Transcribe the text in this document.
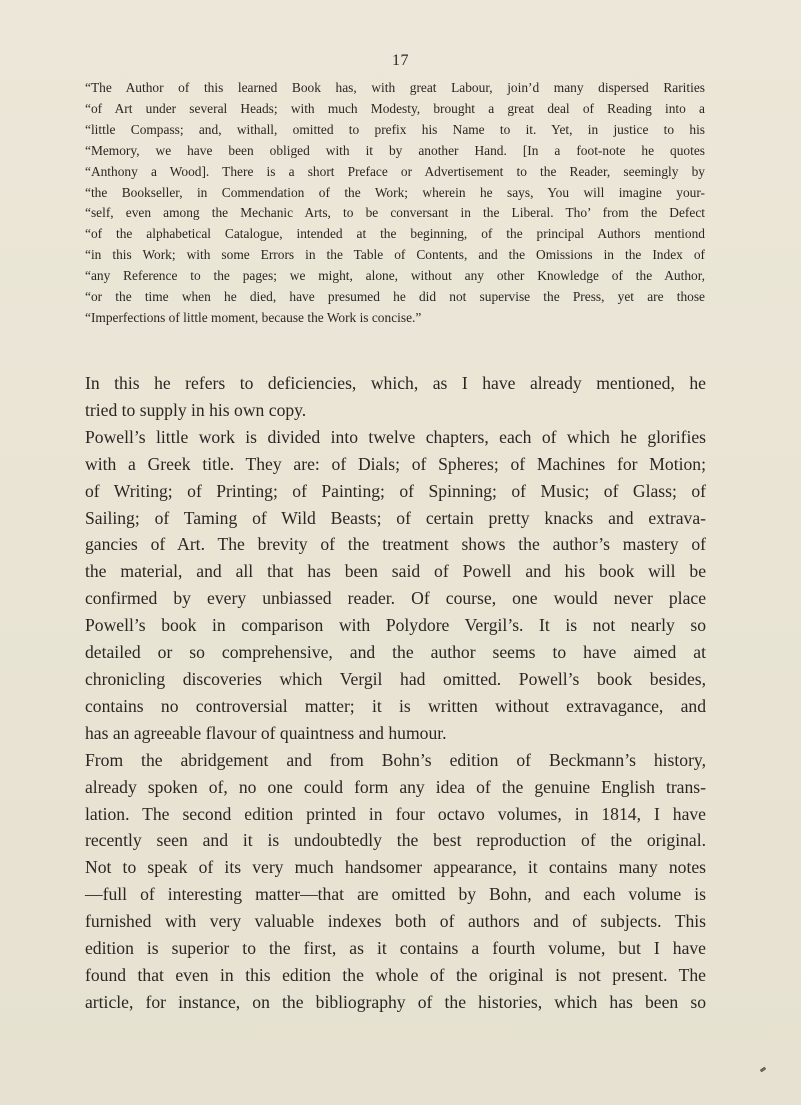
17
“The Author of this learned Book has, with great Labour, join’d many dispersed Rarities
“of Art under several Heads; with much Modesty, brought a great deal of Reading into a
“little Compass; and, withall, omitted to prefix his Name to it. Yet, in justice to his
“Memory, we have been obliged with it by another Hand. [In a foot-note he quotes
“Anthony a Wood]. There is a short Preface or Advertisement to the Reader, seemingly by
“the Bookseller, in Commendation of the Work; wherein he says, You will imagine your-
“self, even among the Mechanic Arts, to be conversant in the Liberal. Tho’ from the Defect
“of the alphabetical Catalogue, intended at the beginning, of the principal Authors mentiond
“in this Work; with some Errors in the Table of Contents, and the Omissions in the Index of
“any Reference to the pages; we might, alone, without any other Knowledge of the Author,
“or the time when he died, have presumed he did not supervise the Press, yet are those
“Imperfections of little moment, because the Work is concise.”
In this he refers to deficiencies, which, as I have already mentioned, he
tried to supply in his own copy.
Powell’s little work is divided into twelve chapters, each of which he glorifies
with a Greek title. They are: of Dials; of Spheres; of Machines for Motion;
of Writing; of Printing; of Painting; of Spinning; of Music; of Glass; of
Sailing; of Taming of Wild Beasts; of certain pretty knacks and extrava-
gancies of Art. The brevity of the treatment shows the author’s mastery of
the material, and all that has been said of Powell and his book will be
confirmed by every unbiassed reader. Of course, one would never place
Powell’s book in comparison with Polydore Vergil’s. It is not nearly so
detailed or so comprehensive, and the author seems to have aimed at
chronicling discoveries which Vergil had omitted. Powell’s book besides,
contains no controversial matter; it is written without extravagance, and
has an agreeable flavour of quaintness and humour.
From the abridgement and from Bohn’s edition of Beckmann’s history,
already spoken of, no one could form any idea of the genuine English trans-
lation. The second edition printed in four octavo volumes, in 1814, I have
recently seen and it is undoubtedly the best reproduction of the original.
Not to speak of its very much handsomer appearance, it contains many notes
—full of interesting matter—that are omitted by Bohn, and each volume is
furnished with very valuable indexes both of authors and of subjects. This
edition is superior to the first, as it contains a fourth volume, but I have
found that even in this edition the whole of the original is not present. The
article, for instance, on the bibliography of the histories, which has been so
